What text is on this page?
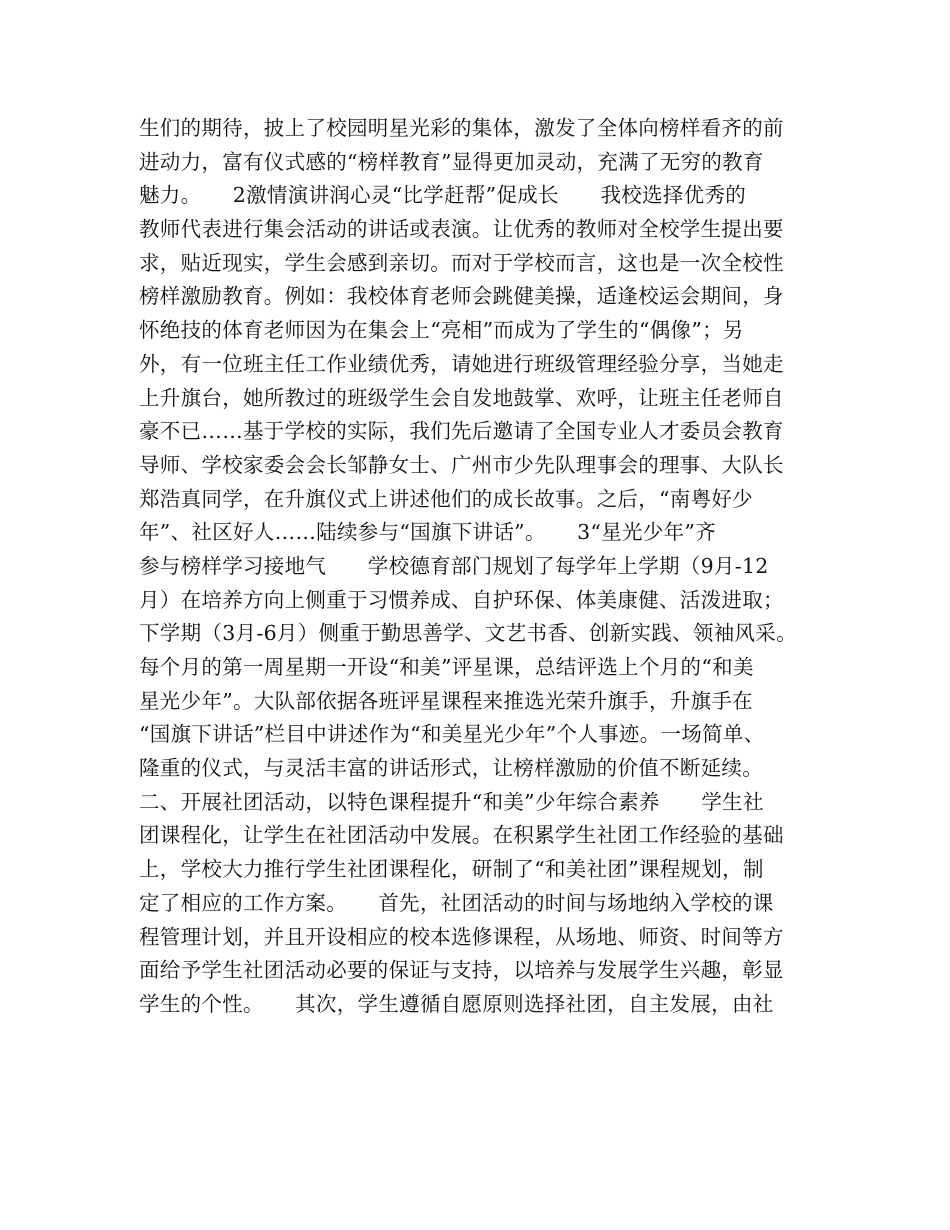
生们的期待，披上了校园明星光彩的集体，激发了全体向榜样看齐的前
进动力，富有仪式感的“榜样教育”显得更加灵动，充满了无穷的教育
魅力。　　2激情演讲润心灵“比学赶帮”促成长　　我校选择优秀的
教师代表进行集会活动的讲话或表演。让优秀的教师对全校学生提出要
求，贴近现实，学生会感到亲切。而对于学校而言，这也是一次全校性
榜样激励教育。例如：我校体育老师会跳健美操，适逢校运会期间，身
怀绝技的体育老师因为在集会上“亮相”而成为了学生的“偶像”；另
外，有一位班主任工作业绩优秀，请她进行班级管理经验分享，当她走
上升旗台，她所教过的班级学生会自发地鼓掌、欢呼，让班主任老师自
豪不已……基于学校的实际，我们先后邀请了全国专业人才委员会教育
导师、学校家委会会长邹静女士、广州市少先队理事会的理事、大队长
郑浩真同学，在升旗仪式上讲述他们的成长故事。之后，“南粤好少
年”、社区好人……陆续参与“国旗下讲话”。　　3“星光少年”齐
参与榜样学习接地气　　学校德育部门规划了每学年上学期（9月-12
月）在培养方向上侧重于习惯养成、自护环保、体美康健、活泼进取；
下学期（3月-6月）侧重于勤思善学、文艺书香、创新实践、领袖风采。
每个月的第一周星期一开设“和美”评星课，总结评选上个月的“和美
星光少年”。大队部依据各班评星课程来推选光荣升旗手，升旗手在
“国旗下讲话”栏目中讲述作为“和美星光少年”个人事迹。一场简单、
隆重的仪式，与灵活丰富的讲话形式，让榜样激励的价值不断延续。
二、开展社团活动，以特色课程提升“和美”少年综合素养　　学生社
团课程化，让学生在社团活动中发展。在积累学生社团工作经验的基础
上，学校大力推行学生社团课程化，研制了“和美社团”课程规划，制
定了相应的工作方案。　　首先，社团活动的时间与场地纳入学校的课
程管理计划，并且开设相应的校本选修课程，从场地、师资、时间等方
面给予学生社团活动必要的保证与支持，以培养与发展学生兴趣，彰显
学生的个性。　　其次，学生遵循自愿原则选择社团，自主发展，由社
